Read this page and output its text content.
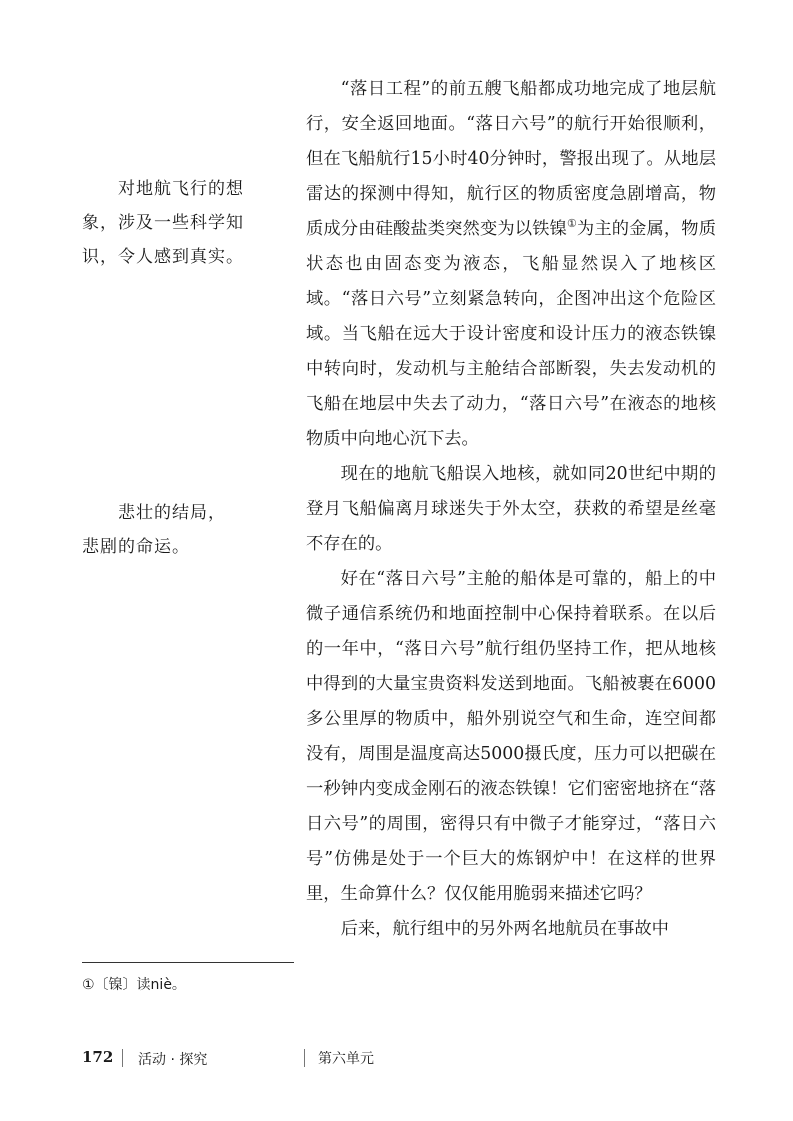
对地航飞行的想
象，涉及一些科学知识，令人感到真实。
悲壮的结局，
悲剧的命运。

“落日工程”的前五艘飞船都成功地完成了地层航行，安全返回地面。“落日六号”的航行开始很顺利，但在飞船航行15小时40分钟时，警报出现了。从地层雷达的探测中得知，航行区的物质密度急剧增高，物质成分由硅酸盐类突然变为以铁镍①为主的金属，物质状态也由固态变为液态，飞船显然误入了地核区域。“落日六号”立刻紧急转向，企图冲出这个危险区域。当飞船在远大于设计密度和设计压力的液态铁镍中转向时，发动机与主舱结合部断裂，失去发动机的飞船在地层中失去了动力，“落日六号”在液态的地核物质中向地心沉下去。

现在的地航飞船误入地核，就如同20世纪中期的登月飞船偏离月球迷失于外太空，获救的希望是丝毫不存在的。

好在“落日六号”主舱的船体是可靠的，船上的中微子通信系统仍和地面控制中心保持着联系。在以后的一年中，“落日六号”航行组仍坚持工作，把从地核中得到的大量宝贵资料发送到地面。飞船被裹在6000多公里厚的物质中，船外别说空气和生命，连空间都没有，周围是温度高达5000摄氏度，压力可以把碳在一秒钟内变成金刚石的液态铁镍！它们密密地挤在“落日六号”的周围，密得只有中微子才能穿过，“落日六号”仿佛是处于一个巨大的炼钢炉中！在这样的世界里，生命算什么？仅仅能用脆弱来描述它吗？

后来，航行组中的另外两名地航员在事故中

①〔镍〕读niè。
172 活动 · 探究	第六单元
